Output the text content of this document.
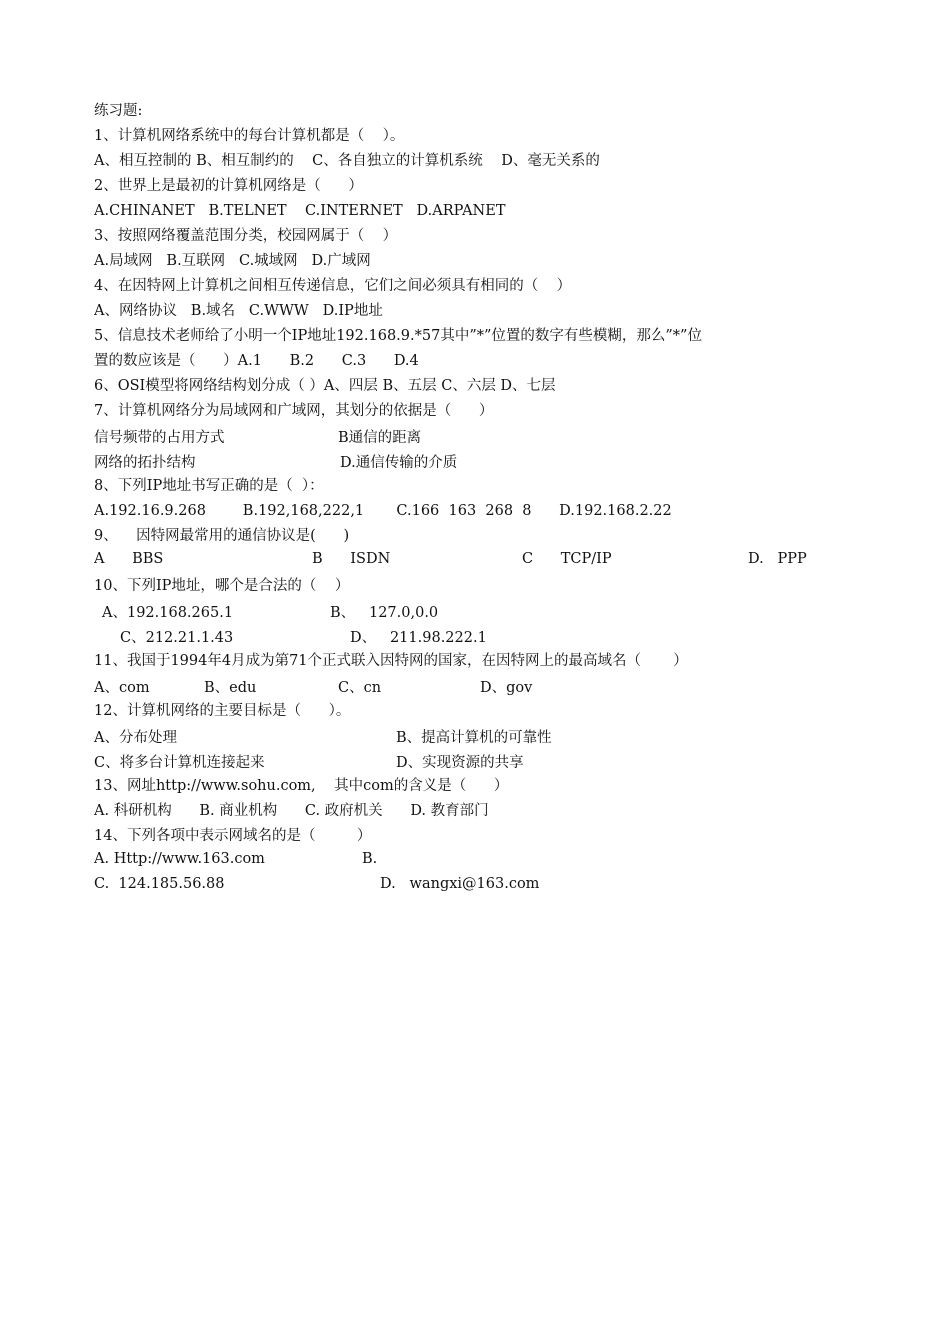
练习题:
1、计算机网络系统中的每台计算机都是（    ）。
A、相互控制的 B、相互制约的    C、各自独立的计算机系统    D、毫无关系的
2、世界上是最初的计算机网络是（      ）
A.CHINANET   B.TELNET    C.INTERNET   D.ARPANET
3、按照网络覆盖范围分类，校园网属于（    ）
A.局域网   B.互联网   C.城域网   D.广域网
4、在因特网上计算机之间相互传递信息，它们之间必须具有相同的（    ）
A、网络协议   B.域名   C.WWW   D.IP地址
5、信息技术老师给了小明一个IP地址192.168.9.*57其中”*”位置的数字有些模糊，那么”*”位
置的数应该是（      ）A.1      B.2      C.3      D.4
6、OSI模型将网络结构划分成（ ）A、四层 B、五层 C、六层 D、七层
7、计算机网络分为局域网和广域网，其划分的依据是（      ）
信号频带的占用方式	B通信的距离
网络的拓扑结构	D.通信传输的介质
8、下列IP地址书写正确的是（  ）：
A.192.16.9.268        B.192,168,222,1       C.166  163  268  8      D.192.168.2.22
9、    因特网最常用的通信协议是(      )
A      BBS	B      ISDN	C      TCP/IP	D.   PPP
10、下列IP地址，哪个是合法的（    ）
A、192.168.265.1	B、   127.0,0.0
C、212.21.1.43	D、   211.98.222.1
11、我国于1994年4月成为第71个正式联入因特网的国家，在因特网上的最高域名（       ）
A、com	B、edu	C、cn	D、gov
12、计算机网络的主要目标是（      ）。
A、分布处理	B、提高计算机的可靠性
C、将多台计算机连接起来	D、实现资源的共享
13、网址http://www.sohu.com,    其中com的含义是（      ）
A. 科研机构      B. 商业机构      C. 政府机关      D. 教育部门
14、下列各项中表示网域名的是（         ）
A. Http://www.163.com	B.
C.  124.185.56.88	D.   wangxi@163.com
